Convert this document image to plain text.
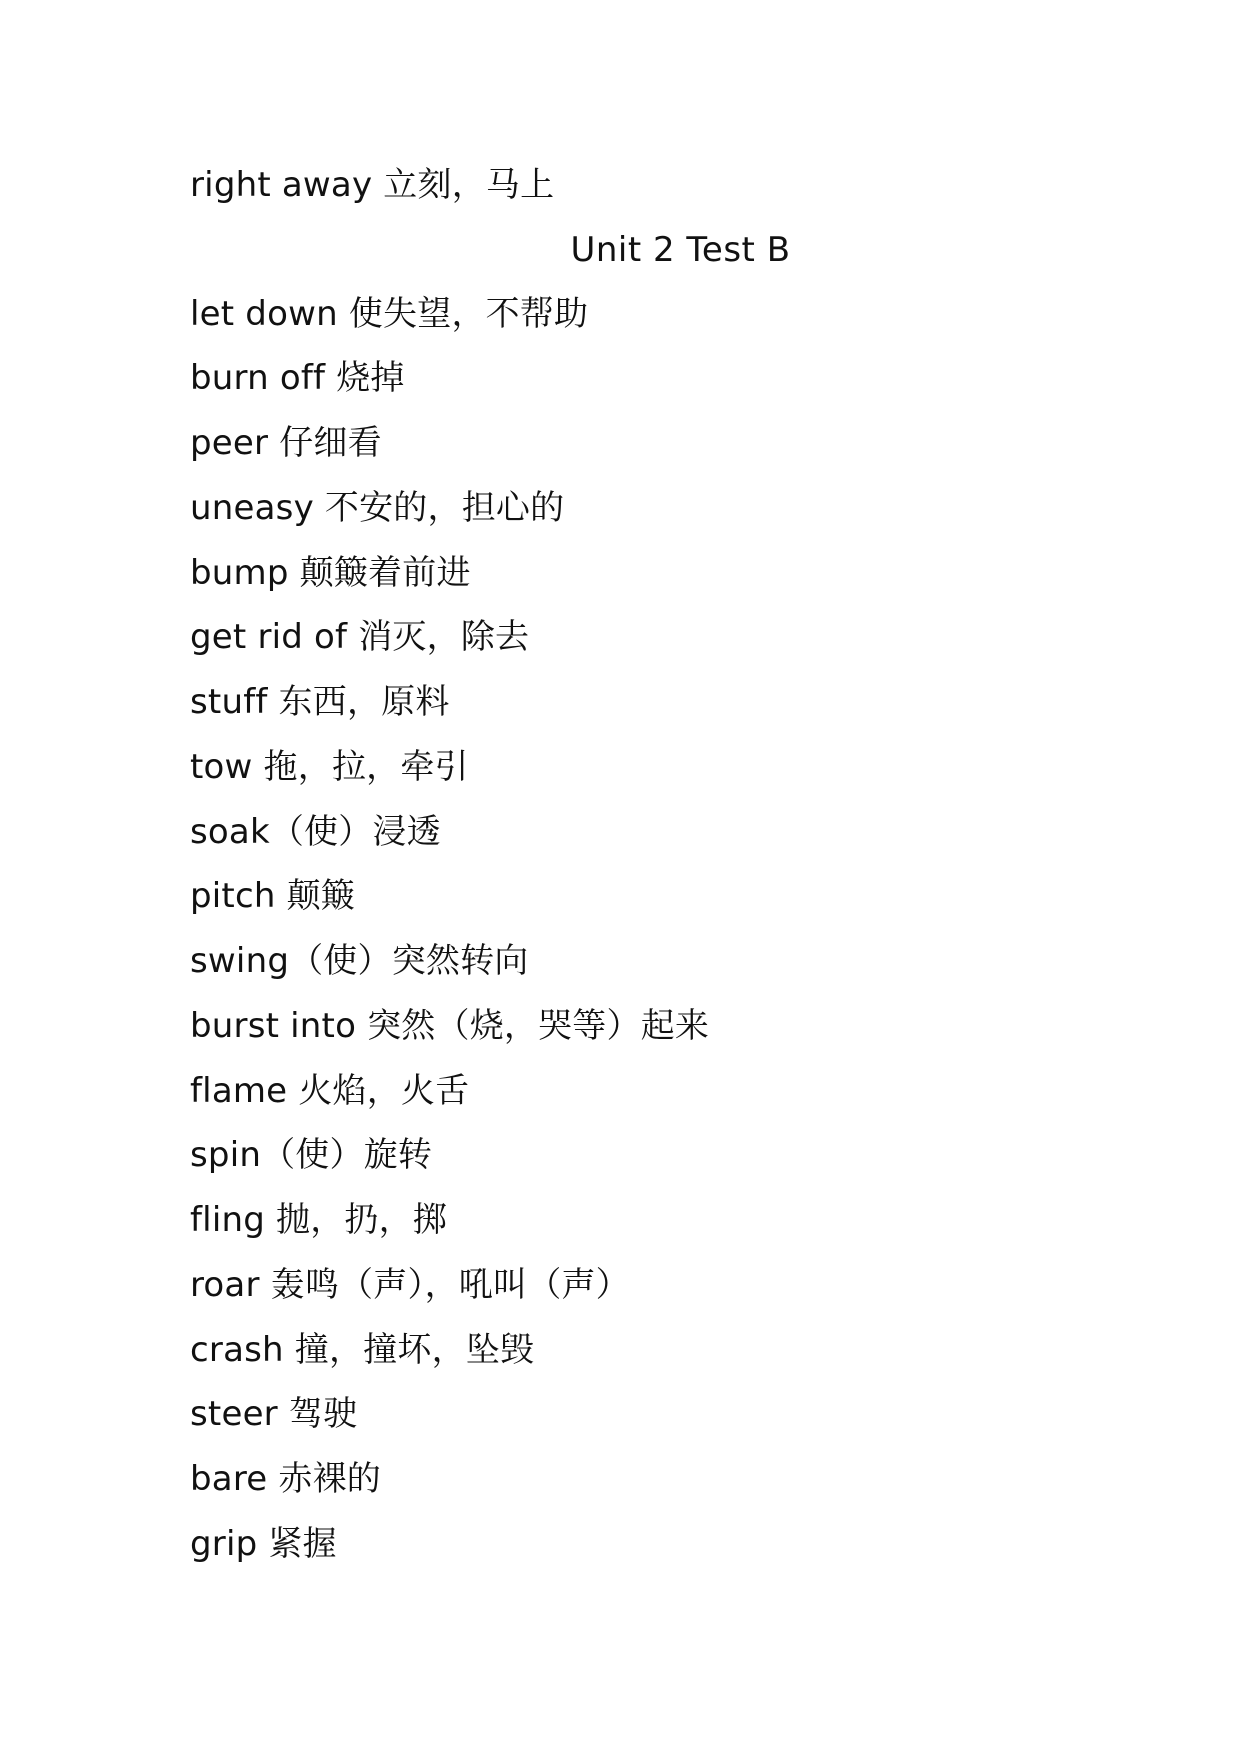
right away 立刻，马上
Unit 2 Test B
let down 使失望，不帮助
burn off 烧掉
peer 仔细看
uneasy 不安的，担心的
bump 颠簸着前进
get rid of 消灭，除去
stuff 东西，原料
tow 拖，拉，牵引
soak（使）浸透
pitch 颠簸
swing（使）突然转向
burst into 突然（烧，哭等）起来
flame 火焰，火舌
spin（使）旋转
fling 抛，扔，掷
roar 轰鸣（声），吼叫（声）
crash 撞，撞坏，坠毁
steer 驾驶
bare 赤裸的
grip 紧握
